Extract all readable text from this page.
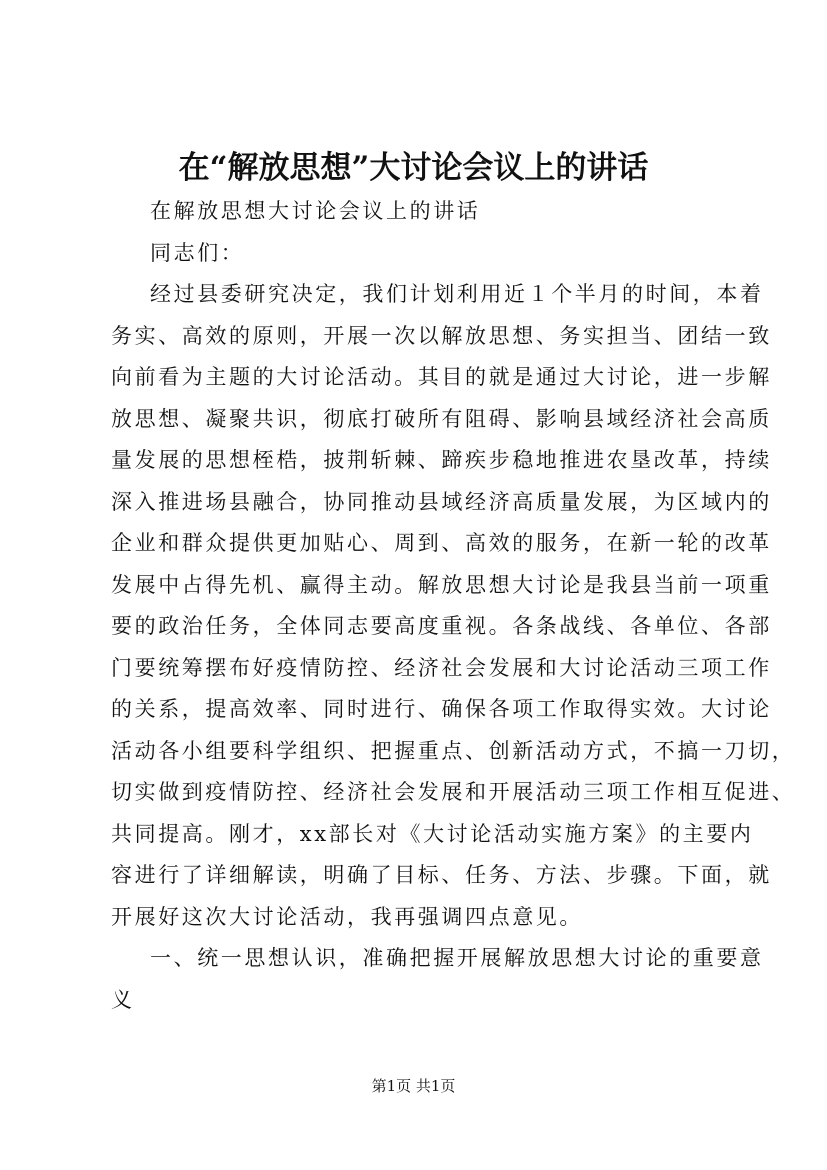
在“解放思想”大讨论会议上的讲话
在解放思想大讨论会议上的讲话
同志们：
经过县委研究决定，我们计划利用近１个半月的时间，本着
务实、高效的原则，开展一次以解放思想、务实担当、团结一致
向前看为主题的大讨论活动。其目的就是通过大讨论，进一步解
放思想、凝聚共识，彻底打破所有阻碍、影响县域经济社会高质
量发展的思想桎梏，披荆斩棘、蹄疾步稳地推进农垦改革，持续
深入推进场县融合，协同推动县域经济高质量发展，为区域内的
企业和群众提供更加贴心、周到、高效的服务，在新一轮的改革
发展中占得先机、赢得主动。解放思想大讨论是我县当前一项重
要的政治任务，全体同志要高度重视。各条战线、各单位、各部
门要统筹摆布好疫情防控、经济社会发展和大讨论活动三项工作
的关系，提高效率、同时进行、确保各项工作取得实效。大讨论
活动各小组要科学组织、把握重点、创新活动方式，不搞一刀切，
切实做到疫情防控、经济社会发展和开展活动三项工作相互促进、
共同提高。刚才，xx部长对《大讨论活动实施方案》的主要内
容进行了详细解读，明确了目标、任务、方法、步骤。下面，就
开展好这次大讨论活动，我再强调四点意见。
一、统一思想认识，准确把握开展解放思想大讨论的重要意
义
第1页 共1页
